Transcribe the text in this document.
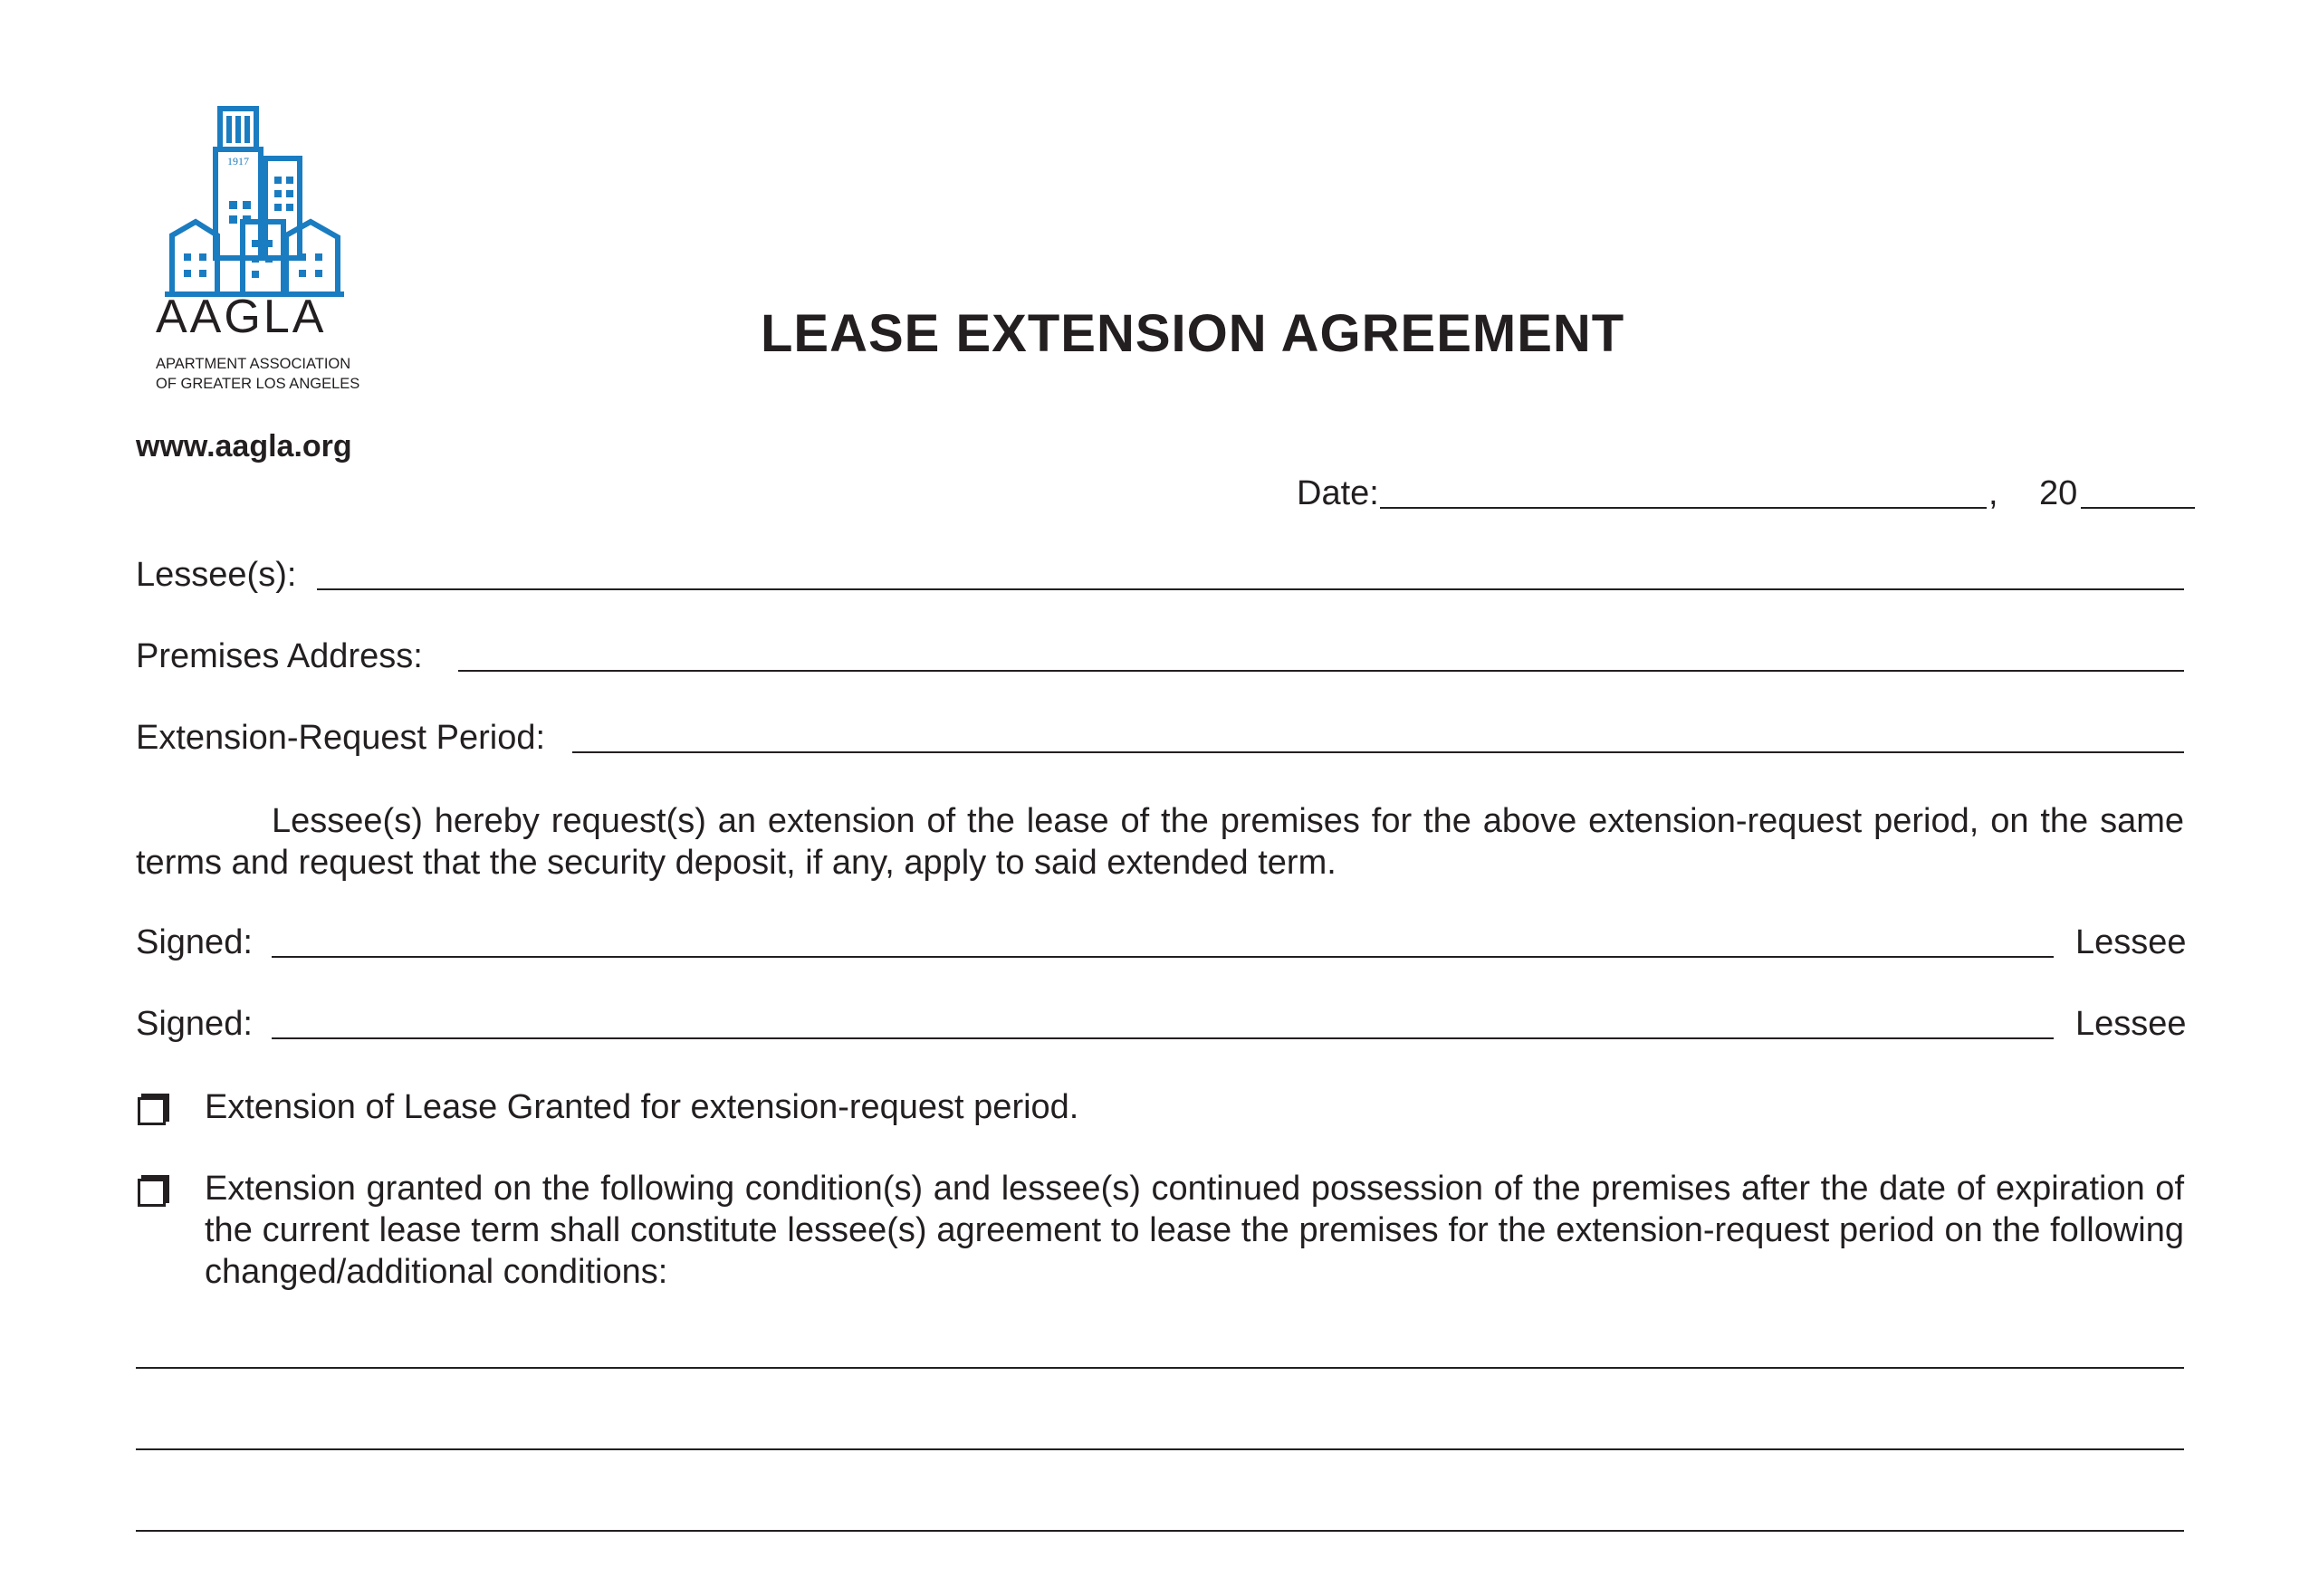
1917
AAGLA
APARTMENT ASSOCIATION
OF GREATER LOS ANGELES
www.aagla.org
LEASE EXTENSION AGREEMENT
Date:	, 20
Lessee(s):
Premises Address:
Extension-Request Period:
Lessee(s) hereby request(s) an extension of the lease of the premises for the above extension-request period, on the same terms and request that the security deposit, if any, apply to said extended term.
Signed:	Lessee
Signed:	Lessee
Extension of Lease Granted for extension-request period.
Extension granted on the following condition(s) and lessee(s) continued possession of the premises after the date of expiration of the current lease term shall constitute lessee(s) agreement to lease the premises for the extension-request period on the following changed/additional conditions:
